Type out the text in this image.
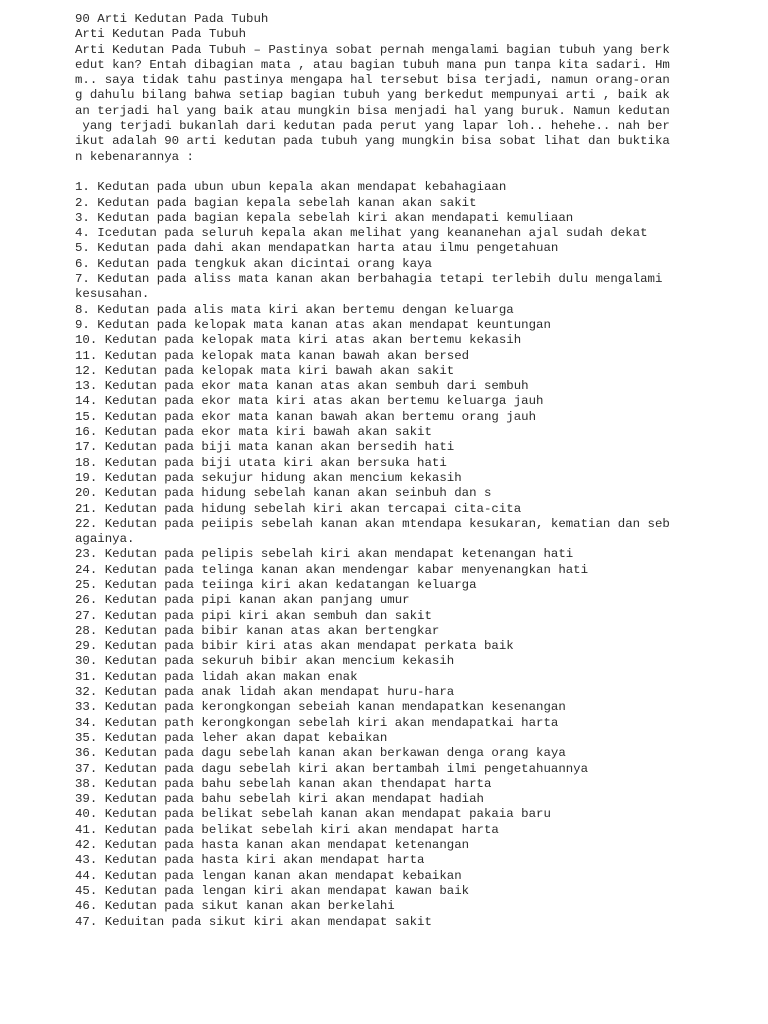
90 Arti Kedutan Pada Tubuh
Arti Kedutan Pada Tubuh
Arti Kedutan Pada Tubuh – Pastinya sobat pernah mengalami bagian tubuh yang berk
edut kan? Entah dibagian mata , atau bagian tubuh mana pun tanpa kita sadari. Hm
m.. saya tidak tahu pastinya mengapa hal tersebut bisa terjadi, namun orang-oran
g dahulu bilang bahwa setiap bagian tubuh yang berkedut mempunyai arti , baik ak
an terjadi hal yang baik atau mungkin bisa menjadi hal yang buruk. Namun kedutan
yang terjadi bukanlah dari kedutan pada perut yang lapar loh.. hehehe.. nah ber
ikut adalah 90 arti kedutan pada tubuh yang mungkin bisa sobat lihat dan buktika
n kebenarannya :
1. Kedutan pada ubun ubun kepala akan mendapat kebahagiaan
2. Kedutan pada bagian kepala sebelah kanan akan sakit
3. Kedutan pada bagian kepala sebelah kiri akan mendapati kemuliaan
4. Icedutan pada seluruh kepala akan melihat yang keananehan ajal sudah dekat
5. Kedutan pada dahi akan mendapatkan harta atau ilmu pengetahuan
6. Kedutan pada tengkuk akan dicintai orang kaya
7. Kedutan pada aliss mata kanan akan berbahagia tetapi terlebih dulu mengalami
kesusahan.
8. Kedutan pada alis mata kiri akan bertemu dengan keluarga
9. Kedutan pada kelopak mata kanan atas akan mendapat keuntungan
10. Kedutan pada kelopak mata kiri atas akan bertemu kekasih
11. Kedutan pada kelopak mata kanan bawah akan bersed
12. Kedutan pada kelopak mata kiri bawah akan sakit
13. Kedutan pada ekor mata kanan atas akan sembuh dari sembuh
14. Kedutan pada ekor mata kiri atas akan bertemu keluarga jauh
15. Kedutan pada ekor mata kanan bawah akan bertemu orang jauh
16. Kedutan pada ekor mata kiri bawah akan sakit
17. Kedutan pada biji mata kanan akan bersedih hati
18. Kedutan pada biji utata kiri akan bersuka hati
19. Kedutan pada sekujur hidung akan mencium kekasih
20. Kedutan pada hidung sebelah kanan akan seinbuh dan s
21. Kedutan pada hidung sebelah kiri akan tercapai cita-cita
22. Kedutan pada peiipis sebelah kanan akan mtendapa kesukaran, kematian dan seb
againya.
23. Kedutan pada pelipis sebelah kiri akan mendapat ketenangan hati
24. Kedutan pada telinga kanan akan mendengar kabar menyenangkan hati
25. Kedutan pada teiinga kiri akan kedatangan keluarga
26. Kedutan pada pipi kanan akan panjang umur
27. Kedutan pada pipi kiri akan sembuh dan sakit
28. Kedutan pada bibir kanan atas akan bertengkar
29. Kedutan pada bibir kiri atas akan mendapat perkata baik
30. Kedutan pada sekuruh bibir akan mencium kekasih
31. Kedutan pada lidah akan makan enak
32. Kedutan pada anak lidah akan mendapat huru-hara
33. Kedutan pada kerongkongan sebeiah kanan mendapatkan kesenangan
34. Kedutan path kerongkongan sebelah kiri akan mendapatkai harta
35. Kedutan pada leher akan dapat kebaikan
36. Kedutan pada dagu sebelah kanan akan berkawan denga orang kaya
37. Kedutan pada dagu sebelah kiri akan bertambah ilmi pengetahuannya
38. Kedutan pada bahu sebelah kanan akan thendapat harta
39. Kedutan pada bahu sebelah kiri akan mendapat hadiah
40. Kedutan pada belikat sebelah kanan akan mendapat pakaia baru
41. Kedutan pada belikat sebelah kiri akan mendapat harta
42. Kedutan pada hasta kanan akan mendapat ketenangan
43. Kedutan pada hasta kiri akan mendapat harta
44. Kedutan pada lengan kanan akan mendapat kebaikan
45. Kedutan pada lengan kiri akan mendapat kawan baik
46. Kedutan pada sikut kanan akan berkelahi
47. Keduitan pada sikut kiri akan mendapat sakit
